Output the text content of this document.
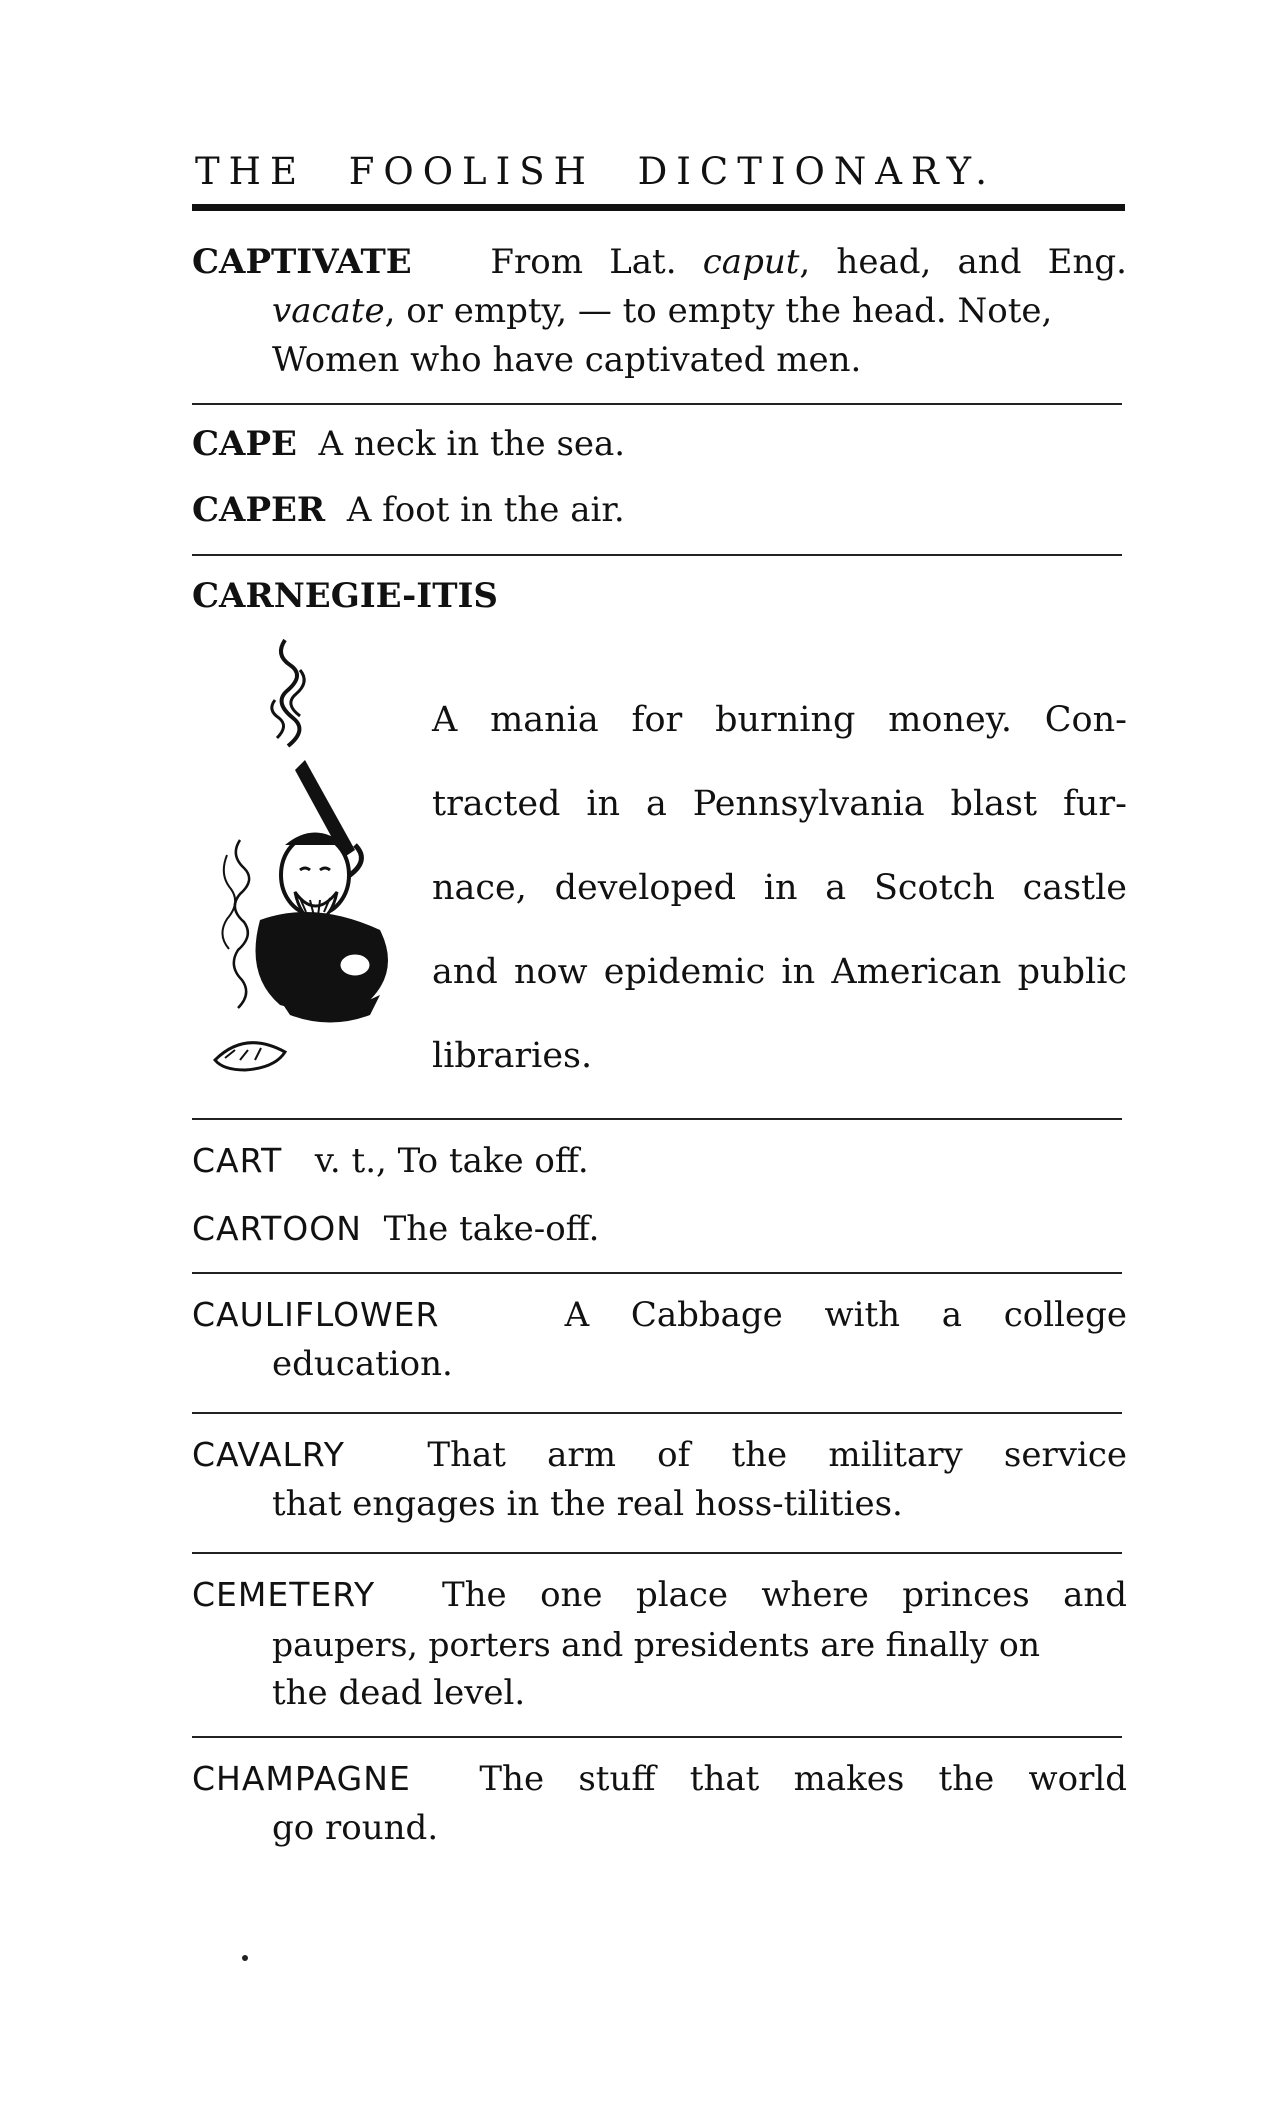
THE FOOLISH DICTIONARY.
CAPTIVATE From Lat. caput, head, and Eng.
vacate, or empty, — to empty the head. Note,
Women who have captivated men.
CAPE A neck in the sea.
CAPER A foot in the air.
CARNEGIE-ITIS
A mania for burning money. Con-
tracted in a Pennsylvania blast fur-
nace, developed in a Scotch castle
and now epidemic in American public
libraries.
CART v. t., To take off.
CARTOON The take-off.
CAULIFLOWER	A Cabbage with a college
education.
CAVALRY That arm of the military service
that engages in the real hoss-tilities.
CEMETERY The one place where princes and
paupers, porters and presidents are finally on
the dead level.
CHAMPAGNE The stuff that makes the world
go round.
